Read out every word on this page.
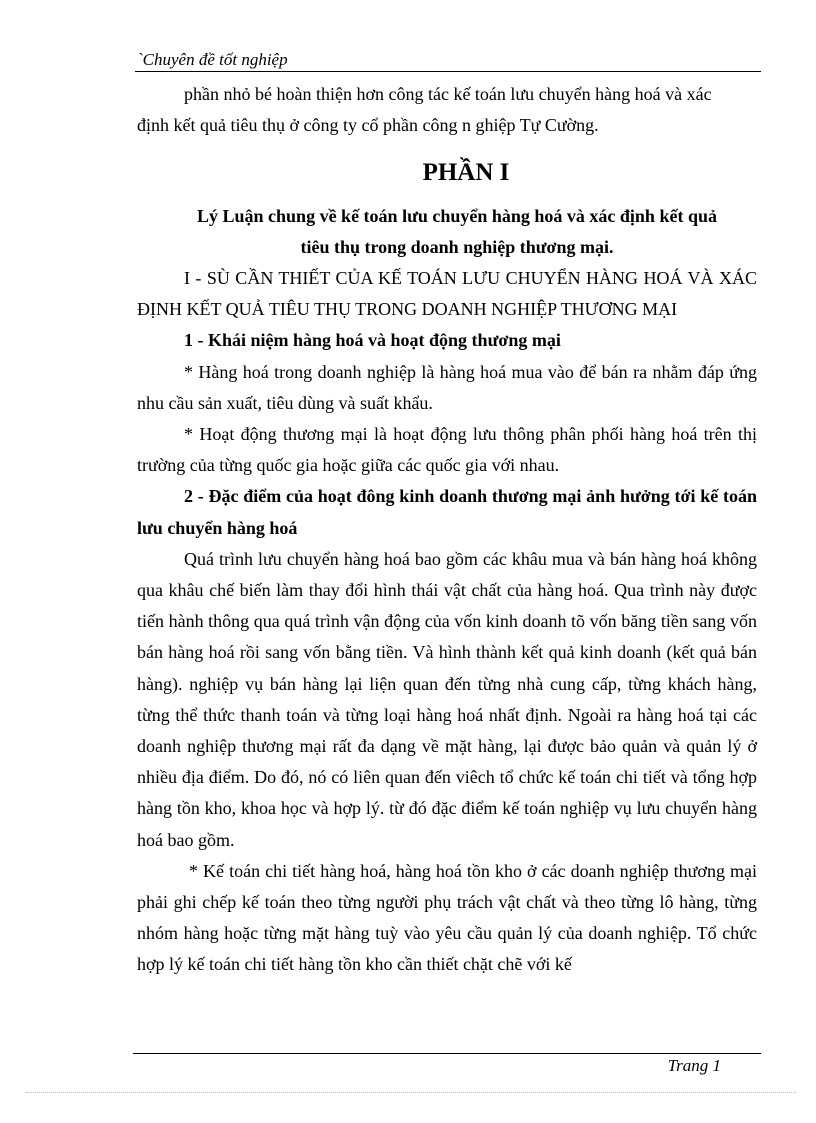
`Chuyên đề tốt nghiệp

phần nhỏ bé hoàn thiện hơn công tác kế toán lưu chuyển hàng hoá và xác

định kết quả tiêu thụ ở công ty cổ phần công n ghiệp Tự Cường.

PHẦN I

Lý Luận chung về kế toán lưu chuyển hàng hoá và xác định kết quả

tiêu thụ trong doanh nghiệp thương mại.

I - SÙ CẦN THIẾT CỦA KẾ TOÁN LƯU CHUYỂN HÀNG HOÁ VÀ XÁC ĐỊNH KẾT QUẢ TIÊU THỤ TRONG DOANH NGHIỆP THƯƠNG MẠI

1 - Khái niệm hàng hoá và hoạt động thương mại

* Hàng hoá trong doanh nghiệp là hàng hoá mua vào để bán ra nhằm đáp ứng nhu cầu sản xuất, tiêu dùng và suất khẩu.

* Hoạt động thương mại là hoạt động lưu thông phân phối hàng hoá trên thị trường của từng quốc gia hoặc giữa các quốc gia với nhau.

2 - Đặc điểm của hoạt đông kinh doanh thương mại ảnh hưởng tới kế toán lưu chuyển hàng hoá

Quá trình lưu chuyển hàng hoá bao gồm các khâu mua và bán hàng hoá không qua khâu chế biến làm thay đổi hình thái vật chất của hàng hoá. Qua trình này được tiến hành thông qua quá trình vận động của vốn kinh doanh tõ vốn băng tiền sang vốn bán hàng hoá rồi sang vốn bằng tiền. Và hình thành kết quả kinh doanh (kết quả bán hàng). nghiệp vụ bán hàng lại liện quan đến từng nhà cung cấp, từng khách hàng, từng thể thức thanh toán và từng loại hàng hoá nhất định. Ngoài ra hàng hoá tại các doanh nghiệp thương mại rất đa dạng về mặt hàng, lại được bảo quản và quản lý ở nhiều địa điểm. Do đó, nó có liên quan đến viêch tổ chức kế toán chi tiết và tổng hợp hàng tồn kho, khoa học và hợp lý. từ đó đặc điểm kế toán nghiệp vụ lưu chuyển hàng hoá bao gồm.

* Kế toán chi tiết hàng hoá, hàng hoá tồn kho ở các doanh nghiệp thương mại phải ghi chếp kế toán theo từng người phụ trách vật chất và theo từng lô hàng, từng nhóm hàng hoặc từng mặt hàng tuỳ vào yêu cầu quản lý của doanh nghiệp. Tổ chức hợp lý kế toán chi tiết hàng tồn kho cần thiết chặt chẽ với kế

Trang 1
